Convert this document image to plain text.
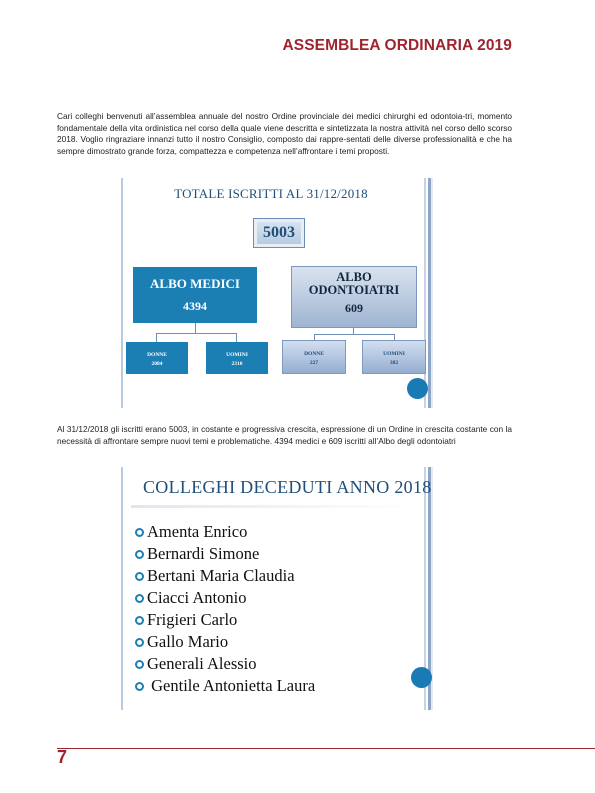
ASSEMBLEA ORDINARIA 2019
Cari colleghi benvenuti all’assemblea annuale del nostro Ordine provinciale dei medici chirurghi ed odontoia-tri, momento fondamentale della vita ordinistica nel corso della quale viene descritta e sintetizzata la nostra attività nel corso dello scorso 2018. Voglio ringraziare innanzi tutto il nostro Consiglio, composto dai rappre-sentati delle diverse professionalità e che ha sempre dimostrato grande forza, compattezza e competenza nell’affrontare i temi proposti.
TOTALE ISCRITTI AL 31/12/2018
5003
ALBO MEDICI
4394
ALBO ODONTOIATRI
609
DONNE
2084
UOMINI
2310
DONNE
227
UOMINI
382
Al 31/12/2018 gli iscritti erano 5003, in costante e progressiva crescita, espressione di un Ordine in crescita costante con la necessità di affrontare sempre nuovi temi e problematiche. 4394 medici e 609 iscritti all’Albo degli odontoiatri
COLLEGHI DECEDUTI ANNO 2018
Amenta Enrico
Bernardi Simone
Bertani Maria Claudia
Ciacci Antonio
Frigieri Carlo
Gallo Mario
Generali Alessio
Gentile Antonietta Laura
7
